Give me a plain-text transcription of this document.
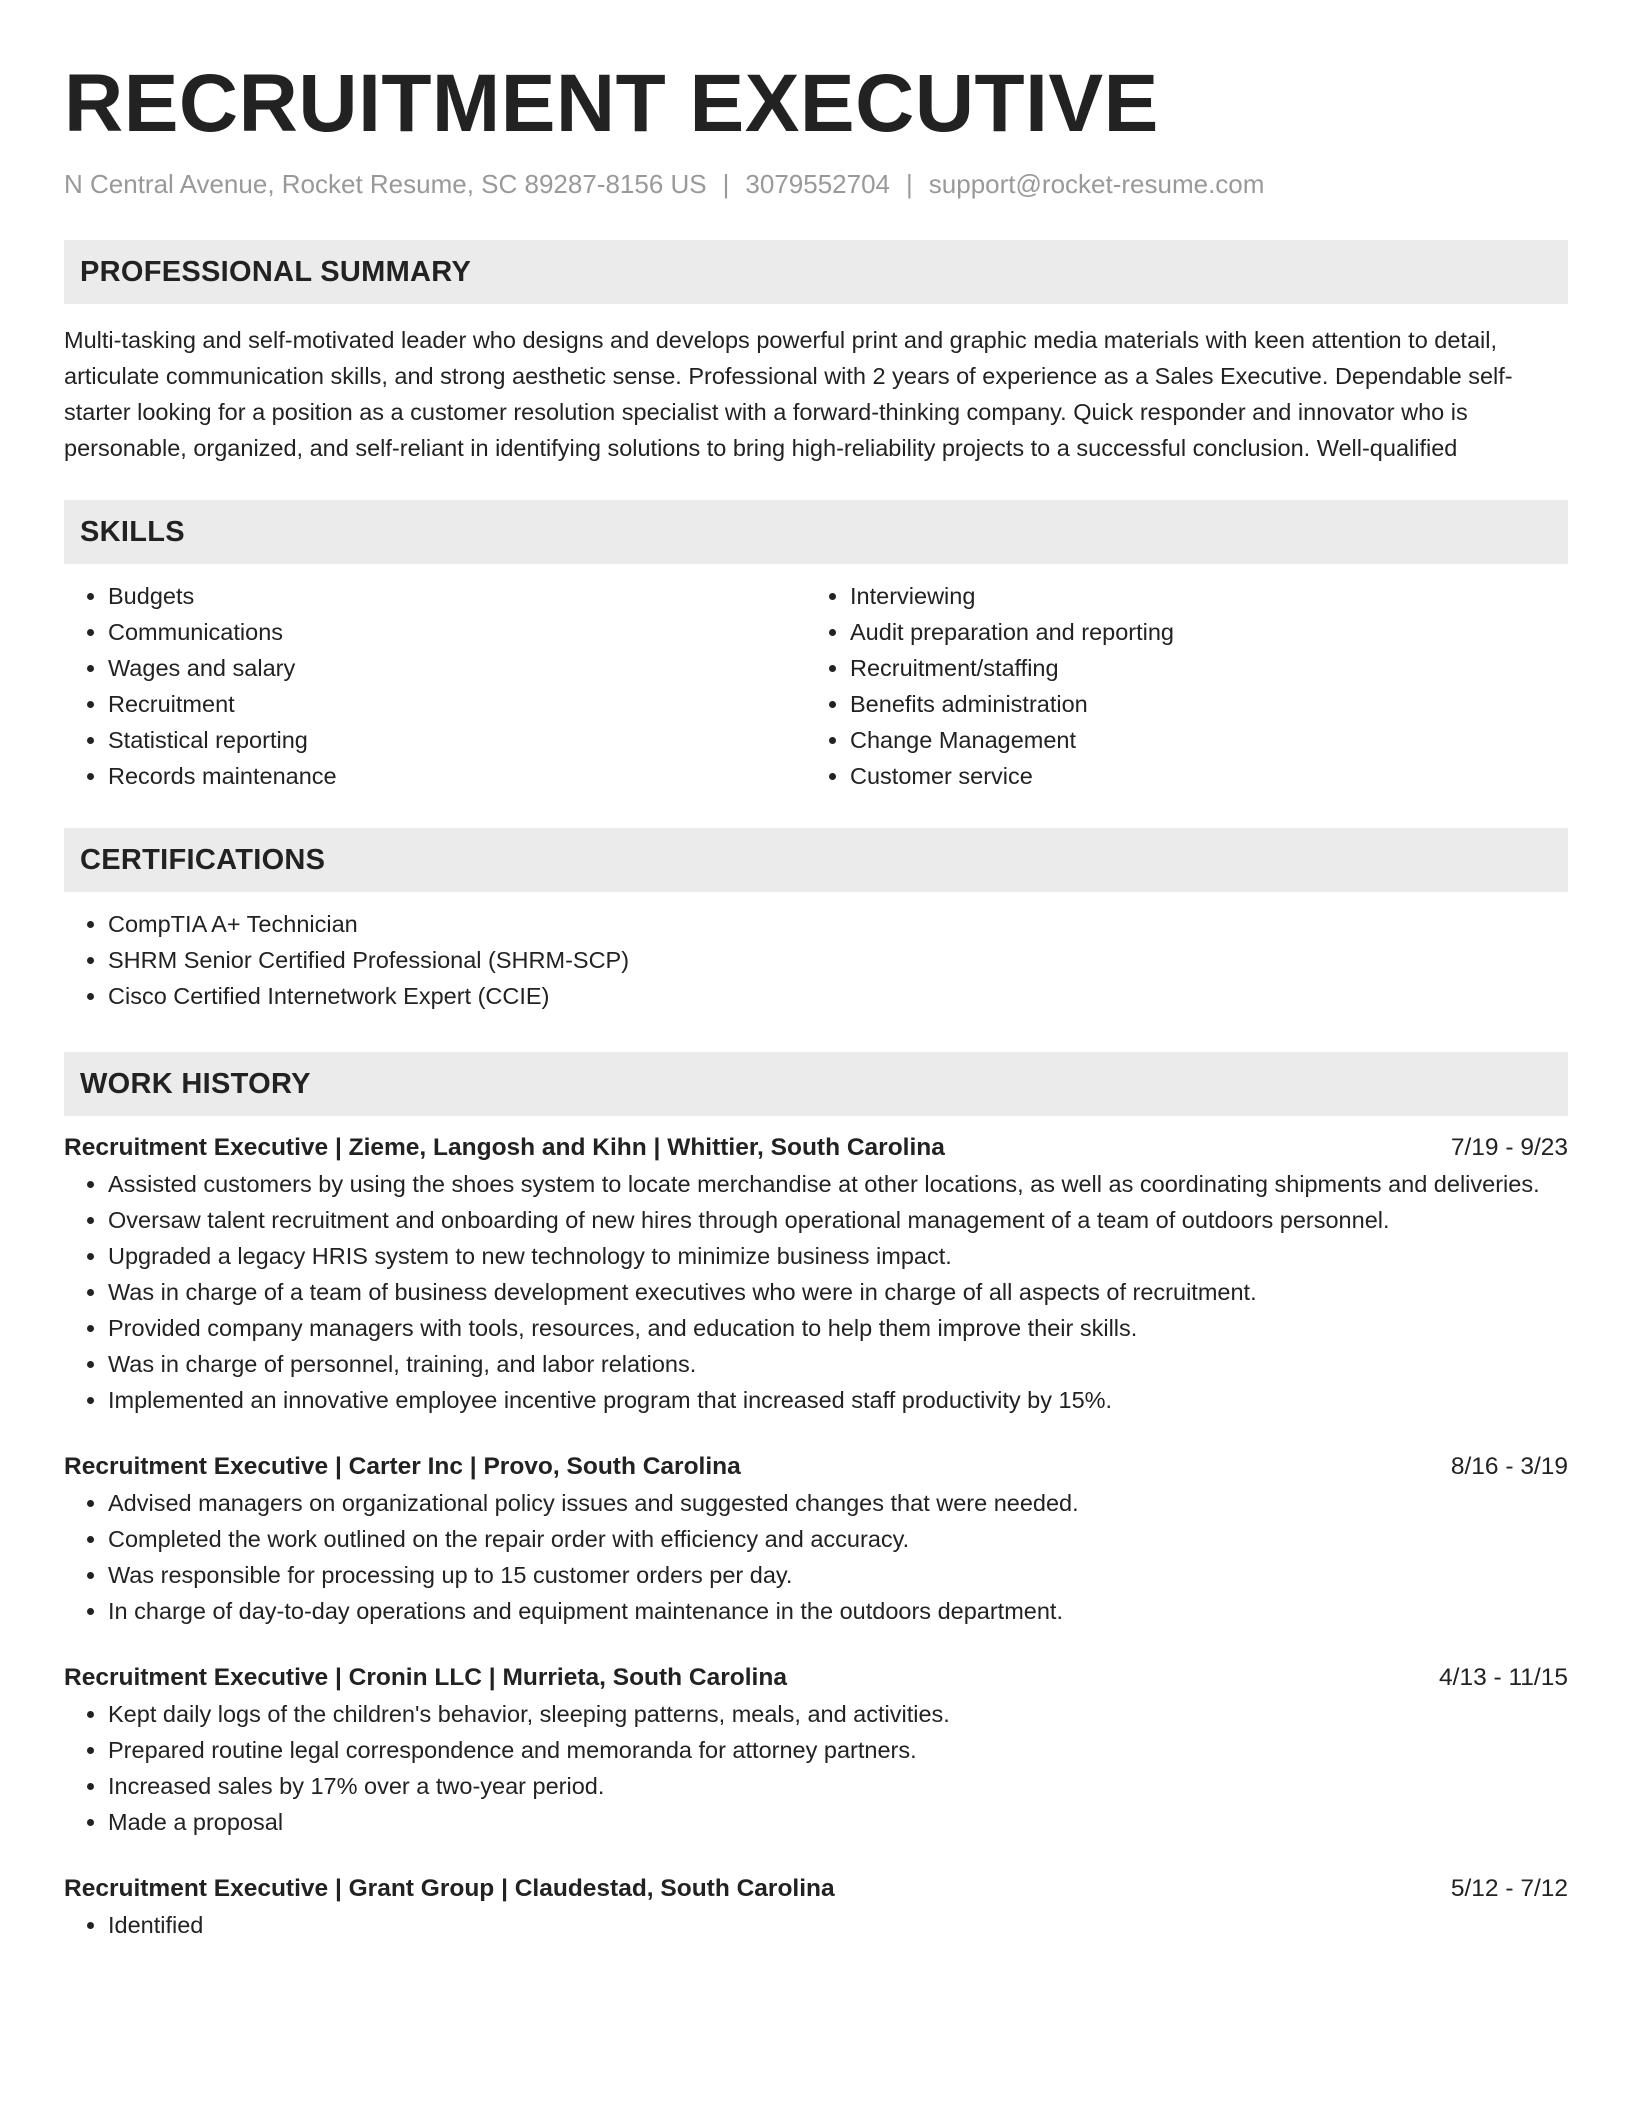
RECRUITMENT EXECUTIVE
N Central Avenue, Rocket Resume, SC 89287-8156 US | 3079552704 | support@rocket-resume.com
PROFESSIONAL SUMMARY
Multi-tasking and self-motivated leader who designs and develops powerful print and graphic media materials with keen attention to detail, articulate communication skills, and strong aesthetic sense. Professional with 2 years of experience as a Sales Executive. Dependable self-starter looking for a position as a customer resolution specialist with a forward-thinking company. Quick responder and innovator who is personable, organized, and self-reliant in identifying solutions to bring high-reliability projects to a successful conclusion. Well-qualified
SKILLS
• Budgets
• Communications
• Wages and salary
• Recruitment
• Statistical reporting
• Records maintenance
• Interviewing
• Audit preparation and reporting
• Recruitment/staffing
• Benefits administration
• Change Management
• Customer service
CERTIFICATIONS
• CompTIA A+ Technician
• SHRM Senior Certified Professional (SHRM-SCP)
• Cisco Certified Internetwork Expert (CCIE)
WORK HISTORY
Recruitment Executive | Zieme, Langosh and Kihn | Whittier, South Carolina	7/19 - 9/23
• Assisted customers by using the shoes system to locate merchandise at other locations, as well as coordinating shipments and deliveries.
• Oversaw talent recruitment and onboarding of new hires through operational management of a team of outdoors personnel.
• Upgraded a legacy HRIS system to new technology to minimize business impact.
• Was in charge of a team of business development executives who were in charge of all aspects of recruitment.
• Provided company managers with tools, resources, and education to help them improve their skills.
• Was in charge of personnel, training, and labor relations.
• Implemented an innovative employee incentive program that increased staff productivity by 15%.
Recruitment Executive | Carter Inc | Provo, South Carolina	8/16 - 3/19
• Advised managers on organizational policy issues and suggested changes that were needed.
• Completed the work outlined on the repair order with efficiency and accuracy.
• Was responsible for processing up to 15 customer orders per day.
• In charge of day-to-day operations and equipment maintenance in the outdoors department.
Recruitment Executive | Cronin LLC | Murrieta, South Carolina	4/13 - 11/15
• Kept daily logs of the children's behavior, sleeping patterns, meals, and activities.
• Prepared routine legal correspondence and memoranda for attorney partners.
• Increased sales by 17% over a two-year period.
• Made a proposal
Recruitment Executive | Grant Group | Claudestad, South Carolina	5/12 - 7/12
• Identified
